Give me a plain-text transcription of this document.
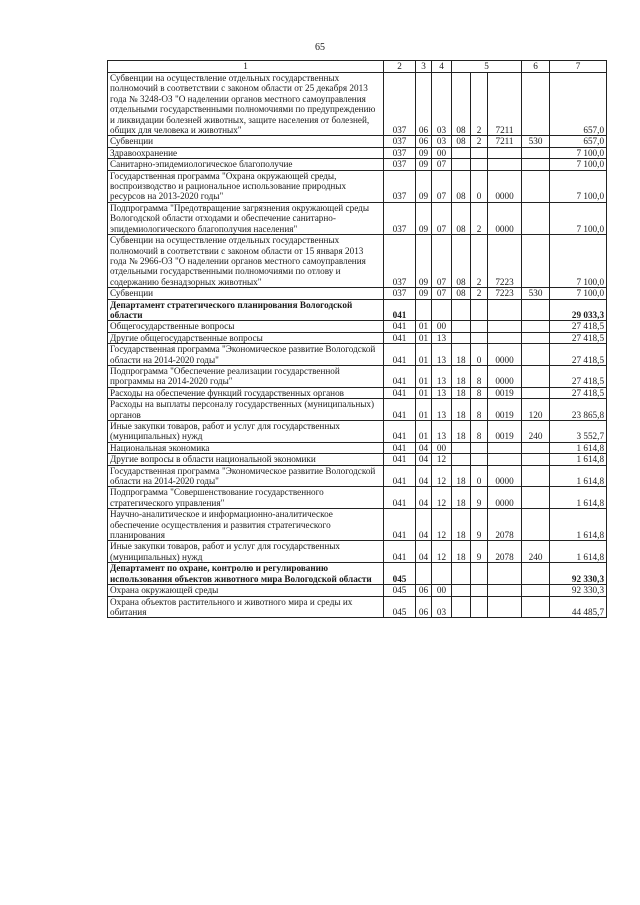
65
1	2	3	4	5			6	7
Субвенции на осуществление отдельных государственных полномочий в соответствии с законом области от 25 декабря 2013 года № 3248-ОЗ "О наделении органов местного самоуправления отдельными государственными полномочиями по предупреждению и ликвидации болезней животных, защите населения от болезней, общих для человека и животных"	037	06	03	08	2	7211		657,0
Субвенции	037	06	03	08	2	7211	530	657,0
Здравоохранение	037	09	00					7 100,0
Санитарно-эпидемиологическое благополучие	037	09	07					7 100,0
Государственная программа "Охрана окружающей среды, воспроизводство и рациональное использование природных ресурсов на 2013-2020 годы"	037	09	07	08	0	0000		7 100,0
Подпрограмма "Предотвращение загрязнения окружающей среды Вологодской области отходами и обеспечение санитарно-эпидемиологического благополучия населения"	037	09	07	08	2	0000		7 100,0
Субвенции на осуществление отдельных государственных полномочий в соответствии с законом области от 15 января 2013 года № 2966-ОЗ "О наделении органов местного самоуправления отдельными государственными полномочиями по отлову и содержанию безнадзорных животных"	037	09	07	08	2	7223		7 100,0
Субвенции	037	09	07	08	2	7223	530	7 100,0
Департамент стратегического планирования Вологодской области	041							29 033,3
Общегосударственные вопросы	041	01	00					27 418,5
Другие общегосударственные вопросы	041	01	13					27 418,5
Государственная программа "Экономическое развитие Вологодской области на 2014-2020 годы"	041	01	13	18	0	0000		27 418,5
Подпрограмма "Обеспечение реализации государственной программы на 2014-2020 годы"	041	01	13	18	8	0000		27 418,5
Расходы на обеспечение функций государственных органов	041	01	13	18	8	0019		27 418,5
Расходы на выплаты персоналу государственных (муниципальных) органов	041	01	13	18	8	0019	120	23 865,8
Иные закупки товаров, работ и услуг для государственных (муниципальных) нужд	041	01	13	18	8	0019	240	3 552,7
Национальная экономика	041	04	00					1 614,8
Другие вопросы в области национальной экономики	041	04	12					1 614,8
Государственная программа "Экономическое развитие Вологодской области на 2014-2020 годы"	041	04	12	18	0	0000		1 614,8
Подпрограмма "Совершенствование государственного стратегического управления"	041	04	12	18	9	0000		1 614,8
Научно-аналитическое и информационно-аналитическое обеспечение осуществления и развития стратегического планирования	041	04	12	18	9	2078		1 614,8
Иные закупки товаров, работ и услуг для государственных (муниципальных) нужд	041	04	12	18	9	2078	240	1 614,8
Департамент по охране, контролю и регулированию использования объектов животного мира Вологодской области	045							92 330,3
Охрана окружающей среды	045	06	00					92 330,3
Охрана объектов растительного и животного мира и среды их обитания	045	06	03					44 485,7
